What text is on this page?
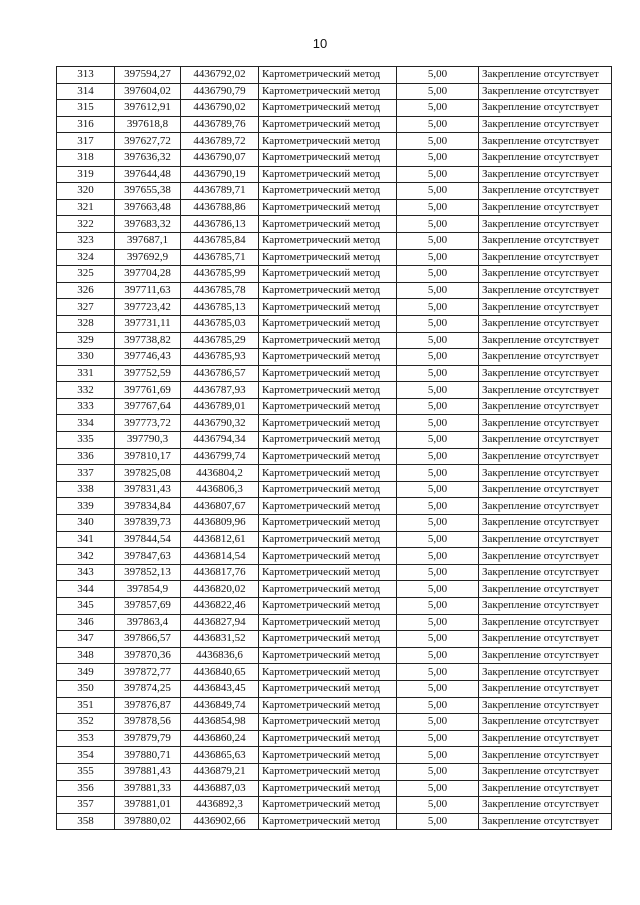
10
313	397594,27	4436792,02	Картометрический метод	5,00	Закрепление отсутствует
314	397604,02	4436790,79	Картометрический метод	5,00	Закрепление отсутствует
315	397612,91	4436790,02	Картометрический метод	5,00	Закрепление отсутствует
316	397618,8	4436789,76	Картометрический метод	5,00	Закрепление отсутствует
317	397627,72	4436789,72	Картометрический метод	5,00	Закрепление отсутствует
318	397636,32	4436790,07	Картометрический метод	5,00	Закрепление отсутствует
319	397644,48	4436790,19	Картометрический метод	5,00	Закрепление отсутствует
320	397655,38	4436789,71	Картометрический метод	5,00	Закрепление отсутствует
321	397663,48	4436788,86	Картометрический метод	5,00	Закрепление отсутствует
322	397683,32	4436786,13	Картометрический метод	5,00	Закрепление отсутствует
323	397687,1	4436785,84	Картометрический метод	5,00	Закрепление отсутствует
324	397692,9	4436785,71	Картометрический метод	5,00	Закрепление отсутствует
325	397704,28	4436785,99	Картометрический метод	5,00	Закрепление отсутствует
326	397711,63	4436785,78	Картометрический метод	5,00	Закрепление отсутствует
327	397723,42	4436785,13	Картометрический метод	5,00	Закрепление отсутствует
328	397731,11	4436785,03	Картометрический метод	5,00	Закрепление отсутствует
329	397738,82	4436785,29	Картометрический метод	5,00	Закрепление отсутствует
330	397746,43	4436785,93	Картометрический метод	5,00	Закрепление отсутствует
331	397752,59	4436786,57	Картометрический метод	5,00	Закрепление отсутствует
332	397761,69	4436787,93	Картометрический метод	5,00	Закрепление отсутствует
333	397767,64	4436789,01	Картометрический метод	5,00	Закрепление отсутствует
334	397773,72	4436790,32	Картометрический метод	5,00	Закрепление отсутствует
335	397790,3	4436794,34	Картометрический метод	5,00	Закрепление отсутствует
336	397810,17	4436799,74	Картометрический метод	5,00	Закрепление отсутствует
337	397825,08	4436804,2	Картометрический метод	5,00	Закрепление отсутствует
338	397831,43	4436806,3	Картометрический метод	5,00	Закрепление отсутствует
339	397834,84	4436807,67	Картометрический метод	5,00	Закрепление отсутствует
340	397839,73	4436809,96	Картометрический метод	5,00	Закрепление отсутствует
341	397844,54	4436812,61	Картометрический метод	5,00	Закрепление отсутствует
342	397847,63	4436814,54	Картометрический метод	5,00	Закрепление отсутствует
343	397852,13	4436817,76	Картометрический метод	5,00	Закрепление отсутствует
344	397854,9	4436820,02	Картометрический метод	5,00	Закрепление отсутствует
345	397857,69	4436822,46	Картометрический метод	5,00	Закрепление отсутствует
346	397863,4	4436827,94	Картометрический метод	5,00	Закрепление отсутствует
347	397866,57	4436831,52	Картометрический метод	5,00	Закрепление отсутствует
348	397870,36	4436836,6	Картометрический метод	5,00	Закрепление отсутствует
349	397872,77	4436840,65	Картометрический метод	5,00	Закрепление отсутствует
350	397874,25	4436843,45	Картометрический метод	5,00	Закрепление отсутствует
351	397876,87	4436849,74	Картометрический метод	5,00	Закрепление отсутствует
352	397878,56	4436854,98	Картометрический метод	5,00	Закрепление отсутствует
353	397879,79	4436860,24	Картометрический метод	5,00	Закрепление отсутствует
354	397880,71	4436865,63	Картометрический метод	5,00	Закрепление отсутствует
355	397881,43	4436879,21	Картометрический метод	5,00	Закрепление отсутствует
356	397881,33	4436887,03	Картометрический метод	5,00	Закрепление отсутствует
357	397881,01	4436892,3	Картометрический метод	5,00	Закрепление отсутствует
358	397880,02	4436902,66	Картометрический метод	5,00	Закрепление отсутствует
